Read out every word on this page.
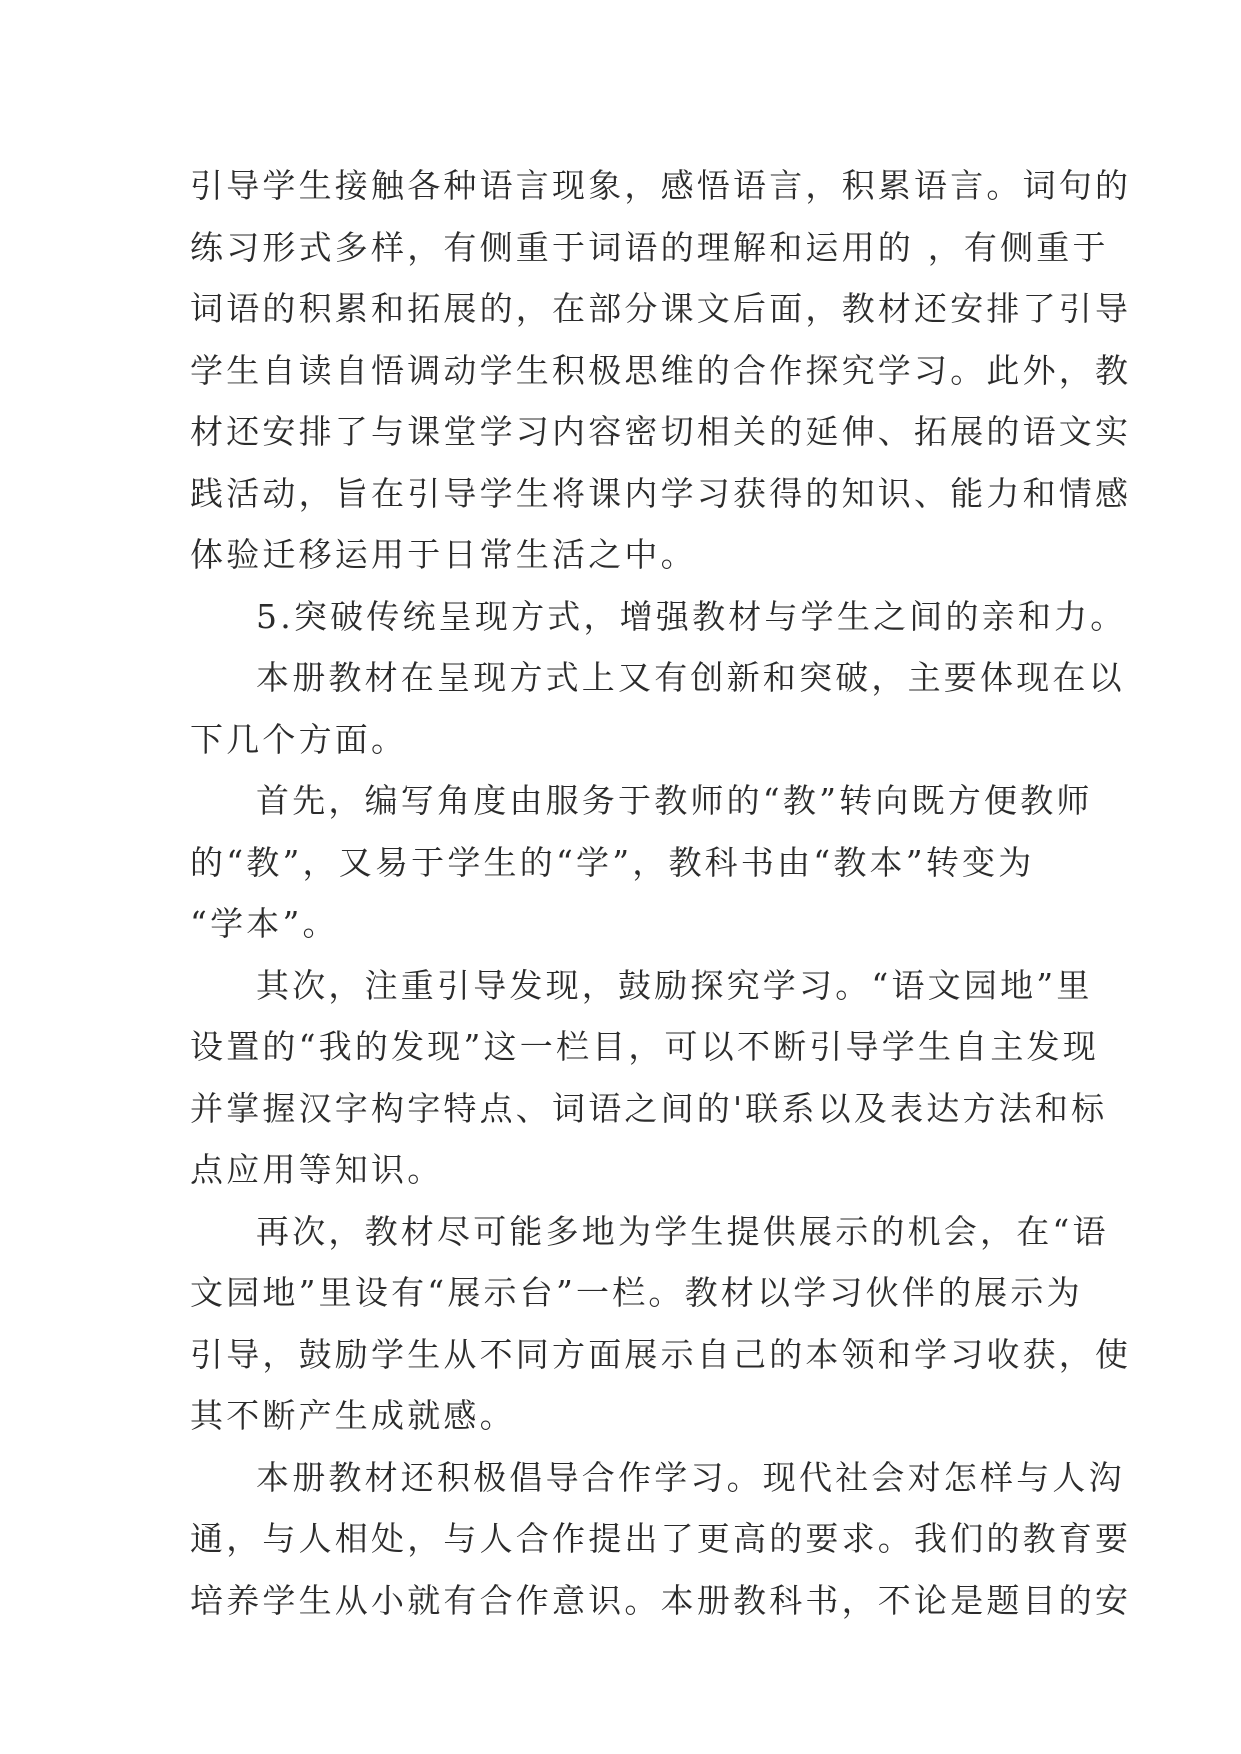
引导学生接触各种语言现象，感悟语言，积累语言。词句的
练习形式多样，有侧重于词语的理解和运用的 ，有侧重于
词语的积累和拓展的，在部分课文后面，教材还安排了引导
学生自读自悟调动学生积极思维的合作探究学习。此外，教
材还安排了与课堂学习内容密切相关的延伸、拓展的语文实
践活动，旨在引导学生将课内学习获得的知识、能力和情感
体验迁移运用于日常生活之中。
5.突破传统呈现方式，增强教材与学生之间的亲和力。
本册教材在呈现方式上又有创新和突破，主要体现在以
下几个方面。
首先，编写角度由服务于教师的“教”转向既方便教师
的“教”，又易于学生的“学”，教科书由“教本”转变为
“学本”。
其次，注重引导发现，鼓励探究学习。“语文园地”里
设置的“我的发现”这一栏目，可以不断引导学生自主发现
并掌握汉字构字特点、词语之间的'联系以及表达方法和标
点应用等知识。
再次，教材尽可能多地为学生提供展示的机会，在“语
文园地”里设有“展示台”一栏。教材以学习伙伴的展示为
引导，鼓励学生从不同方面展示自己的本领和学习收获，使
其不断产生成就感。
本册教材还积极倡导合作学习。现代社会对怎样与人沟
通，与人相处，与人合作提出了更高的要求。我们的教育要
培养学生从小就有合作意识。本册教科书，不论是题目的安
